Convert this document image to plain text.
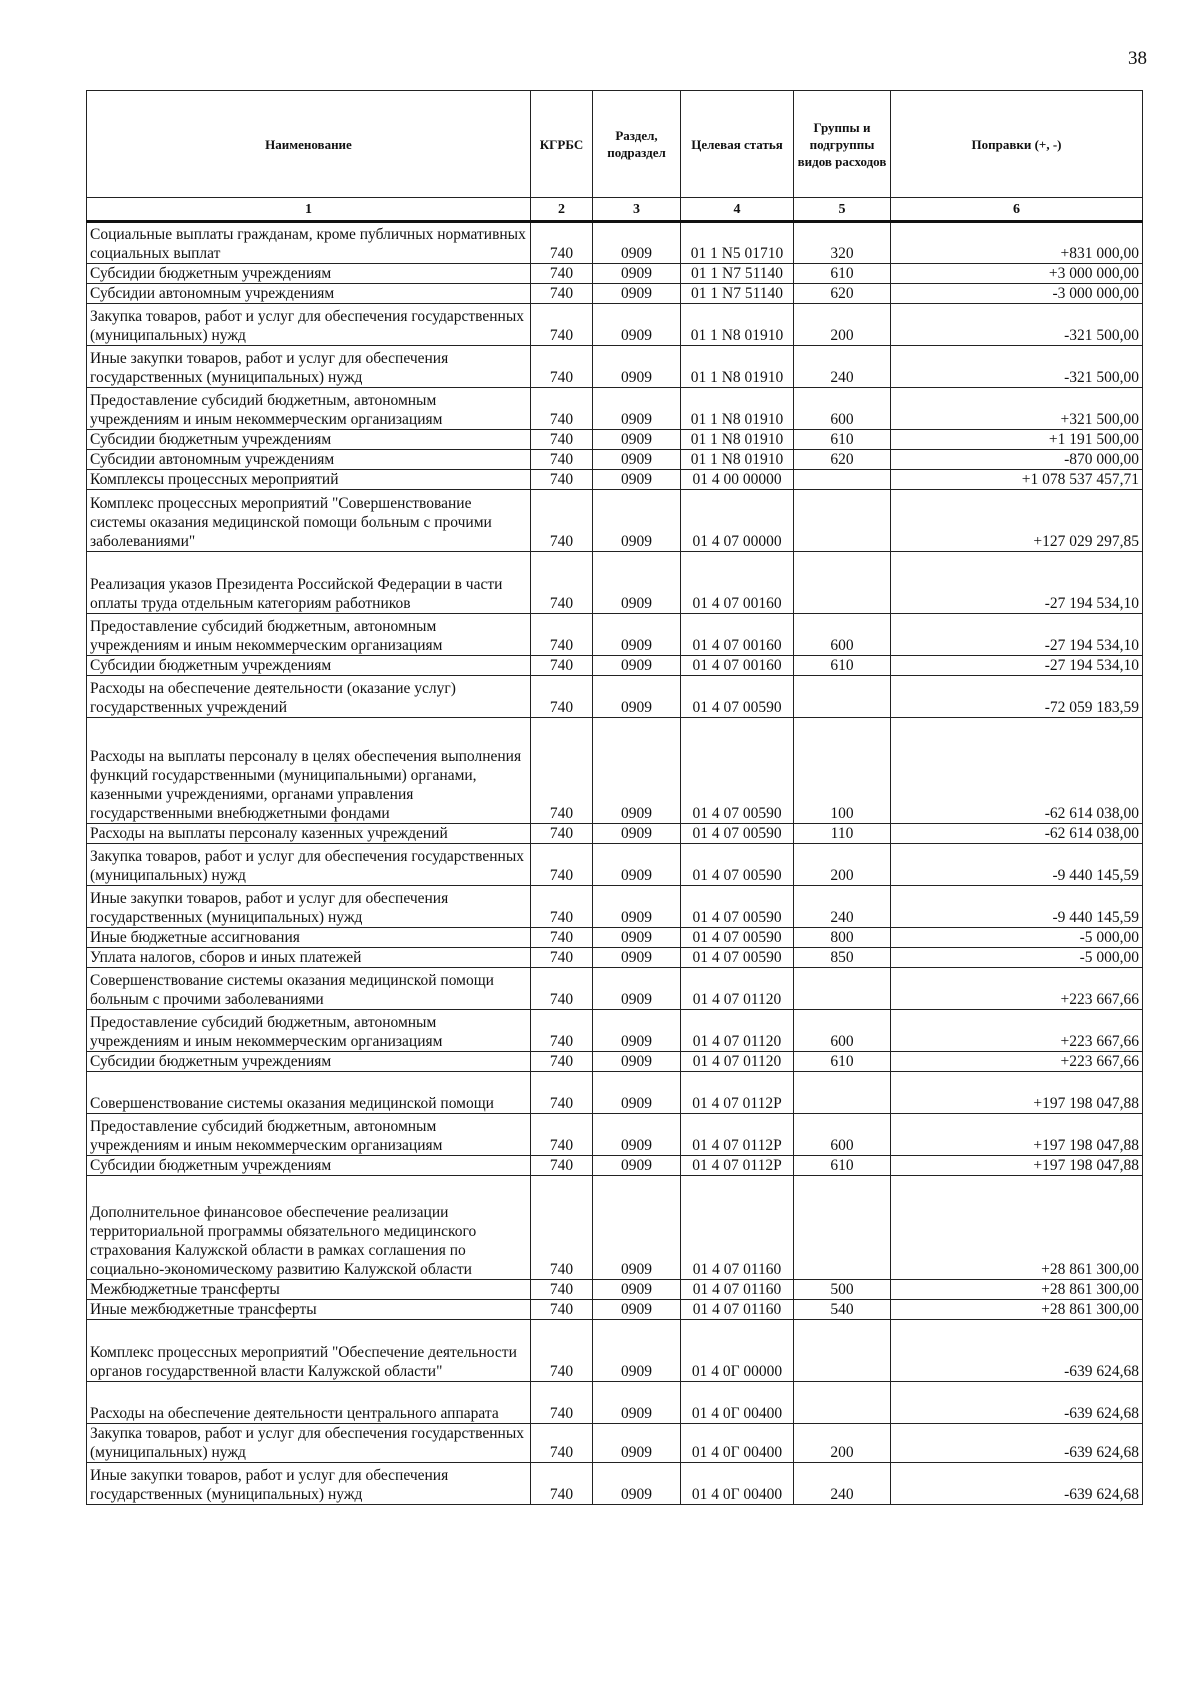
38
Наименование	КГРБС	Раздел, подраздел	Целевая статья	Группы и подгруппы видов расходов	Поправки (+, -)
1	2	3	4	5	6
Социальные выплаты гражданам, кроме публичных нормативных социальных выплат	740	0909	01 1 N5 01710	320	+831 000,00
Субсидии бюджетным учреждениям	740	0909	01 1 N7 51140	610	+3 000 000,00
Субсидии автономным учреждениям	740	0909	01 1 N7 51140	620	-3 000 000,00
Закупка товаров, работ и услуг для обеспечения государственных (муниципальных) нужд	740	0909	01 1 N8 01910	200	-321 500,00
Иные закупки товаров, работ и услуг для обеспечения государственных (муниципальных) нужд	740	0909	01 1 N8 01910	240	-321 500,00
Предоставление субсидий бюджетным, автономным учреждениям и иным некоммерческим организациям	740	0909	01 1 N8 01910	600	+321 500,00
Субсидии бюджетным учреждениям	740	0909	01 1 N8 01910	610	+1 191 500,00
Субсидии автономным учреждениям	740	0909	01 1 N8 01910	620	-870 000,00
Комплексы процессных мероприятий	740	0909	01 4 00 00000		+1 078 537 457,71
Комплекс процессных мероприятий "Совершенствование системы оказания медицинской помощи больным с прочими заболеваниями"	740	0909	01 4 07 00000		+127 029 297,85
Реализация указов Президента Российской Федерации в части оплаты труда отдельным категориям работников	740	0909	01 4 07 00160		-27 194 534,10
Предоставление субсидий бюджетным, автономным учреждениям и иным некоммерческим организациям	740	0909	01 4 07 00160	600	-27 194 534,10
Субсидии бюджетным учреждениям	740	0909	01 4 07 00160	610	-27 194 534,10
Расходы на обеспечение деятельности (оказание услуг) государственных учреждений	740	0909	01 4 07 00590		-72 059 183,59
Расходы на выплаты персоналу в целях обеспечения выполнения функций государственными (муниципальными) органами, казенными учреждениями, органами управления государственными внебюджетными фондами	740	0909	01 4 07 00590	100	-62 614 038,00
Расходы на выплаты персоналу казенных учреждений	740	0909	01 4 07 00590	110	-62 614 038,00
Закупка товаров, работ и услуг для обеспечения государственных (муниципальных) нужд	740	0909	01 4 07 00590	200	-9 440 145,59
Иные закупки товаров, работ и услуг для обеспечения государственных (муниципальных) нужд	740	0909	01 4 07 00590	240	-9 440 145,59
Иные бюджетные ассигнования	740	0909	01 4 07 00590	800	-5 000,00
Уплата налогов, сборов и иных платежей	740	0909	01 4 07 00590	850	-5 000,00
Совершенствование системы оказания медицинской помощи больным с прочими заболеваниями	740	0909	01 4 07 01120		+223 667,66
Предоставление субсидий бюджетным, автономным учреждениям и иным некоммерческим организациям	740	0909	01 4 07 01120	600	+223 667,66
Субсидии бюджетным учреждениям	740	0909	01 4 07 01120	610	+223 667,66
Совершенствование системы оказания медицинской помощи	740	0909	01 4 07 0112Р		+197 198 047,88
Предоставление субсидий бюджетным, автономным учреждениям и иным некоммерческим организациям	740	0909	01 4 07 0112Р	600	+197 198 047,88
Субсидии бюджетным учреждениям	740	0909	01 4 07 0112Р	610	+197 198 047,88
Дополнительное финансовое обеспечение реализации территориальной программы обязательного медицинского страхования Калужской области в рамках соглашения по социально-экономическому развитию Калужской области	740	0909	01 4 07 01160		+28 861 300,00
Межбюджетные трансферты	740	0909	01 4 07 01160	500	+28 861 300,00
Иные межбюджетные трансферты	740	0909	01 4 07 01160	540	+28 861 300,00
Комплекс процессных мероприятий "Обеспечение деятельности органов государственной власти Калужской области"	740	0909	01 4 0Г 00000		-639 624,68
Расходы на обеспечение деятельности центрального аппарата	740	0909	01 4 0Г 00400		-639 624,68
Закупка товаров, работ и услуг для обеспечения государственных (муниципальных) нужд	740	0909	01 4 0Г 00400	200	-639 624,68
Иные закупки товаров, работ и услуг для обеспечения государственных (муниципальных) нужд	740	0909	01 4 0Г 00400	240	-639 624,68
